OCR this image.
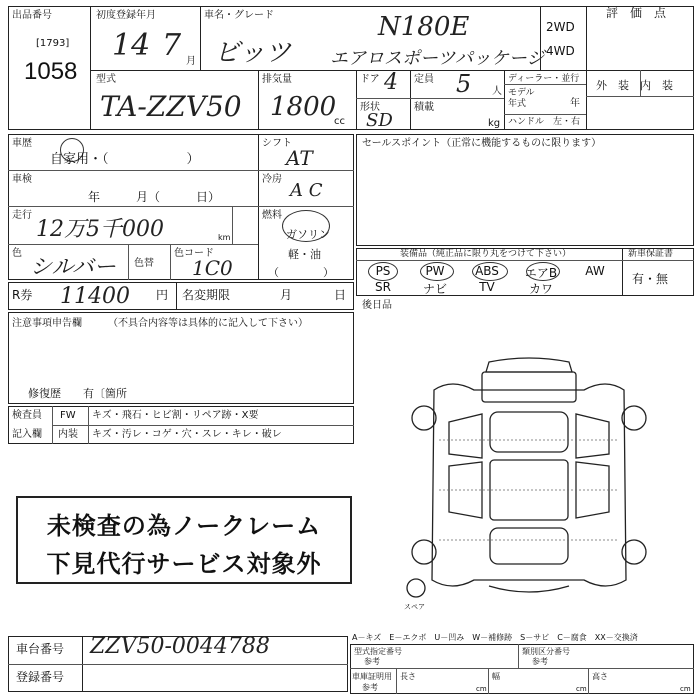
出品番号
[1793]
1058
初度登録年月
14 7 月
車名・グレード
ビッツ
N180E
エアロスポーツパッケージ
2WD
4WD
評　価　点
型式
TA-ZZV50
排気量
1800
cc
ドア 4 定員 5 人
ディーラー・並行
モデル
年式	年
形状
SD
積載
kg ハンドル　左・右
外　装　内　装
車歴
自家用・（　　　　　　）
シフト
AT
車検
年　　　月（　　　日）
冷房
A C
走行
12万5千000	km
燃料
ガソリン
軽・油
（　　　　）
色
シルバー 色替
色コード
1C0
セールスポイント（正常に機能するものに限ります）
装備品（純正品に限り丸をつけて下さい）	新車保証書
有・無
PS	PW	ABS	エアB	AW
SR	ナビ	TV	カワ
R券 11400 円 名変期限	月	日
後日品
注意事項申告欄	（不具合内容等は具体的に記入して下さい）
修復歴　　有〔箇所
検査員
記入欄
FW キズ・飛石・ヒビ割・リペア跡・X要
内装 キズ・汚レ・コゲ・穴・スレ・キレ・破レ
未検査の為ノークレーム
下見代行サービス対象外
スペア
車台番号 ZZV50-0044788
登録番号
A－キズ　E－エクボ　U－凹み　W－補修跡　S－サビ　C－腐食　XX－交換済
型式指定番号
参考
類別区分番号
参考
車庫証明用
参考
長さ
cm
幅
cm
高さ
cm
